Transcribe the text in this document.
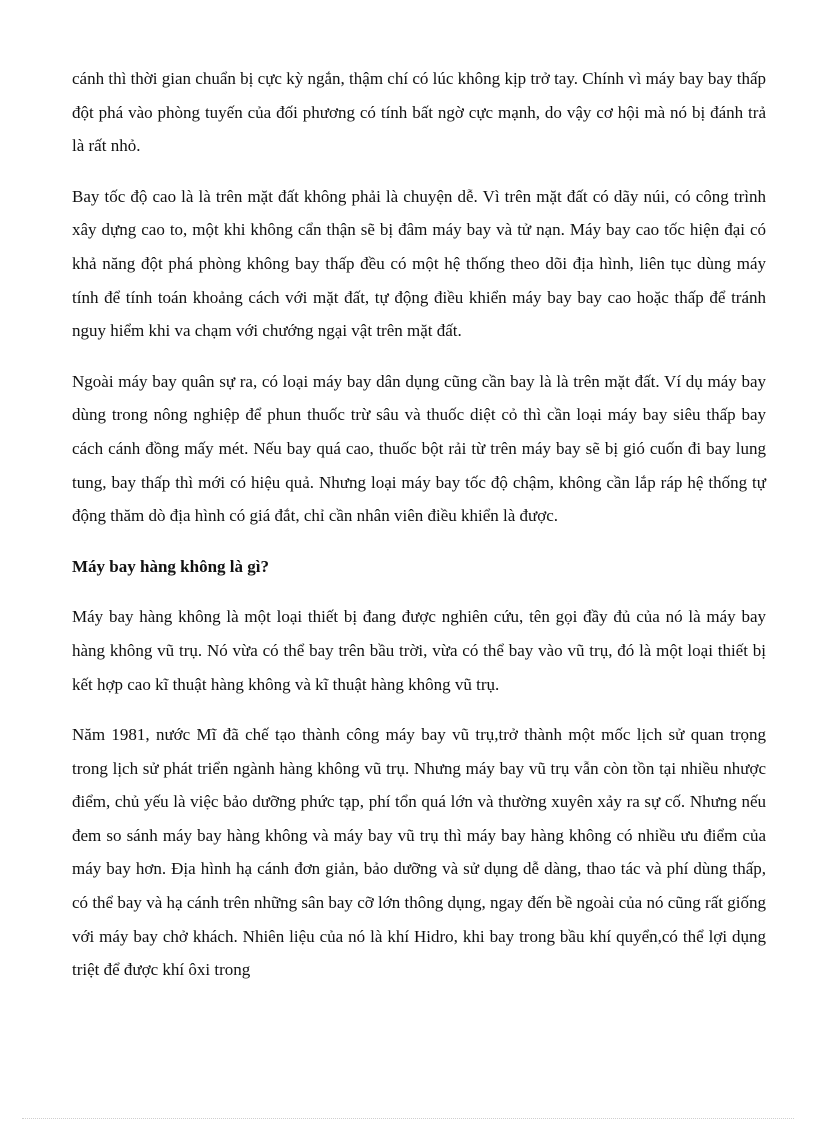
cánh thì thời gian chuẩn bị cực kỳ ngắn, thậm chí có lúc không kịp trở tay. Chính vì máy bay bay thấp đột phá vào phòng tuyến của đối phương có tính bất ngờ cực mạnh, do vậy cơ hội mà nó bị đánh trả là rất nhỏ.

Bay tốc độ cao là là trên mặt đất không phải là chuyện dễ. Vì trên mặt đất có dãy núi, có công trình xây dựng cao to, một khi không cẩn thận sẽ bị đâm máy bay và tử nạn. Máy bay cao tốc hiện đại có khả năng đột phá phòng không bay thấp đều có một hệ thống theo dõi địa hình, liên tục dùng máy tính để tính toán khoảng cách với mặt đất, tự động điều khiển máy bay bay cao hoặc thấp để tránh nguy hiểm khi va chạm với chướng ngại vật trên mặt đất.

Ngoài máy bay quân sự ra, có loại máy bay dân dụng cũng cần bay là là trên mặt đất. Ví dụ máy bay dùng trong nông nghiệp để phun thuốc trừ sâu và thuốc diệt cỏ thì cần loại máy bay siêu thấp bay cách cánh đồng mấy mét. Nếu bay quá cao, thuốc bột rải từ trên máy bay sẽ bị gió cuốn đi bay lung tung, bay thấp thì mới có hiệu quả. Nhưng loại máy bay tốc độ chậm, không cần lắp ráp hệ thống tự động thăm dò địa hình có giá đắt, chỉ cần nhân viên điều khiển là được.

Máy bay hàng không là gì?

Máy bay hàng không là một loại thiết bị đang được nghiên cứu, tên gọi đầy đủ của nó là máy bay hàng không vũ trụ. Nó vừa có thể bay trên bầu trời, vừa có thể bay vào vũ trụ, đó là một loại thiết bị kết hợp cao kĩ thuật hàng không và kĩ thuật hàng không vũ trụ.

Năm 1981, nước Mĩ đã chế tạo thành công máy bay vũ trụ,trở thành một mốc lịch sử quan trọng trong lịch sử phát triển ngành hàng không vũ trụ. Nhưng máy bay vũ trụ vẫn còn tồn tại nhiều nhược điểm, chủ yếu là việc bảo dưỡng phức tạp, phí tổn quá lớn và thường xuyên xảy ra sự cố. Nhưng nếu đem so sánh máy bay hàng không và máy bay vũ trụ thì máy bay hàng không có nhiều ưu điểm của máy bay hơn. Địa hình hạ cánh đơn giản, bảo dưỡng và sử dụng dễ dàng, thao tác và phí dùng thấp, có thể bay và hạ cánh trên những sân bay cỡ lớn thông dụng, ngay đến bề ngoài của nó cũng rất giống với máy bay chở khách. Nhiên liệu của nó là khí Hidro, khi bay trong bầu khí quyển,có thể lợi dụng triệt để được khí ôxi trong
